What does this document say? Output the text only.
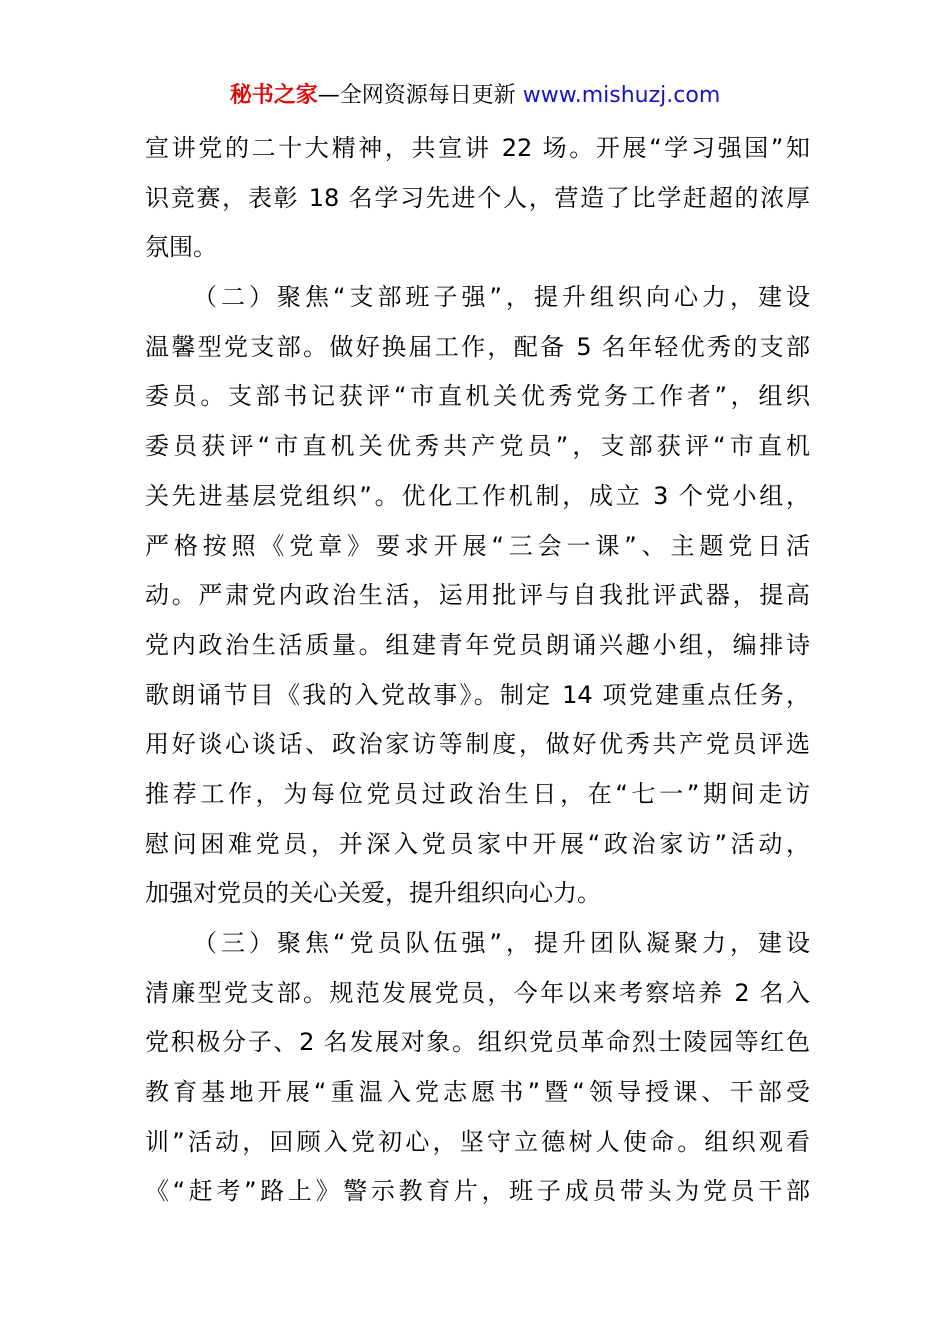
秘书之家—全网资源每日更新 www.mishuzj.com
宣讲党的二十大精神，共宣讲 22 场。开展“学习强国”知
识竞赛，表彰 18 名学习先进个人，营造了比学赶超的浓厚
氛围。
（二）聚焦“支部班子强”，提升组织向心力，建设
温馨型党支部。做好换届工作，配备 5 名年轻优秀的支部
委员。支部书记获评“市直机关优秀党务工作者”，组织
委员获评“市直机关优秀共产党员”，支部获评“市直机
关先进基层党组织”。优化工作机制，成立 3 个党小组，
严格按照《党章》要求开展“三会一课”、主题党日活
动。严肃党内政治生活，运用批评与自我批评武器，提高
党内政治生活质量。组建青年党员朗诵兴趣小组，编排诗
歌朗诵节目《我的入党故事》。制定 14 项党建重点任务，
用好谈心谈话、政治家访等制度，做好优秀共产党员评选
推荐工作，为每位党员过政治生日，在“七一”期间走访
慰问困难党员，并深入党员家中开展“政治家访”活动，
加强对党员的关心关爱，提升组织向心力。
（三）聚焦“党员队伍强”，提升团队凝聚力，建设
清廉型党支部。规范发展党员，今年以来考察培养 2 名入
党积极分子、2 名发展对象。组织党员革命烈士陵园等红色
教育基地开展“重温入党志愿书”暨“领导授课、干部受
训”活动，回顾入党初心，坚守立德树人使命。组织观看
《“赶考”路上》警示教育片，班子成员带头为党员干部
